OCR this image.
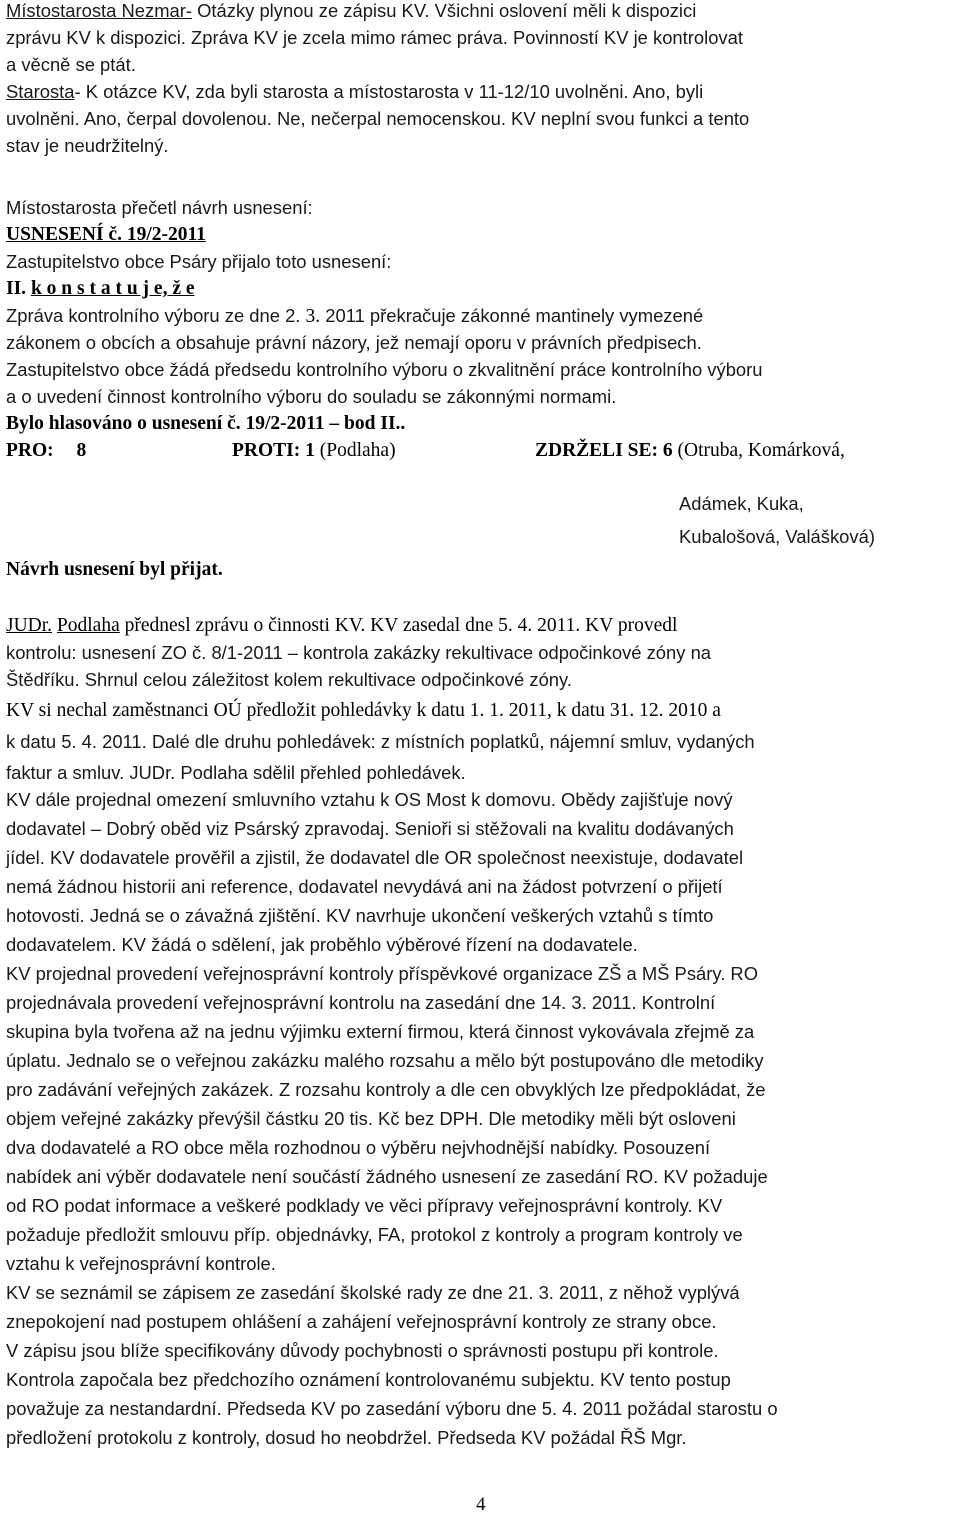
Místostarosta Nezmar- Otázky plynou ze zápisu KV. Všichni oslovení měli k dispozici
zprávu KV k dispozici. Zpráva KV je zcela mimo rámec práva. Povinností KV je kontrolovat
a věcně se ptát.
Starosta- K otázce KV, zda byli starosta a místostarosta v 11-12/10 uvolněni. Ano, byli
uvolněni. Ano, čerpal dovolenou. Ne, nečerpal nemocenskou. KV neplní svou funkci a tento
stav je neudržitelný.
Místostarosta přečetl návrh usnesení:
USNESENÍ č. 19/2-2011
Zastupitelstvo obce Psáry přijalo toto usnesení:
II. k o n s t a t u j e, ž e
Zpráva kontrolního výboru ze dne 2. 3. 2011 překračuje zákonné mantinely vymezené
zákonem o obcích a obsahuje právní názory, jež nemají oporu v právních předpisech.
Zastupitelstvo obce žádá předsedu kontrolního výboru o zkvalitnění práce kontrolního výboru
a o uvedení činnost kontrolního výboru do souladu se zákonnými normami.
Bylo hlasováno o usnesení č. 19/2-2011 – bod II..
PRO: 8	PROTI: 1 (Podlaha)	ZDRŽELI SE: 6 (Otruba, Komárková,
Adámek, Kuka,
Kubalošová, Valášková)
Návrh usnesení byl přijat.
JUDr. Podlaha přednesl zprávu o činnosti KV. KV zasedal dne 5. 4. 2011. KV provedl
kontrolu: usnesení ZO č. 8/1-2011 – kontrola zakázky rekultivace odpočinkové zóny na
Štědříku. Shrnul celou záležitost kolem rekultivace odpočinkové zóny.
KV si nechal zaměstnanci OÚ předložit pohledávky k datu 1. 1. 2011, k datu 31. 12. 2010 a
k datu 5. 4. 2011. Dalé dle druhu pohledávek: z místních poplatků, nájemní smluv, vydaných
faktur a smluv. JUDr. Podlaha sdělil přehled pohledávek.
KV dále projednal omezení smluvního vztahu k OS Most k domovu. Obědy zajišťuje nový
dodavatel – Dobrý oběd viz Psárský zpravodaj. Senioři si stěžovali na kvalitu dodávaných
jídel. KV dodavatele prověřil a zjistil, že dodavatel dle OR společnost neexistuje, dodavatel
nemá žádnou historii ani reference, dodavatel nevydává ani na žádost potvrzení o přijetí
hotovosti. Jedná se o závažná zjištění. KV navrhuje ukončení veškerých vztahů s tímto
dodavatelem. KV žádá o sdělení, jak proběhlo výběrové řízení na dodavatele.
KV projednal provedení veřejnosprávní kontroly příspěvkové organizace ZŠ a MŠ Psáry. RO
projednávala provedení veřejnosprávní kontrolu na zasedání dne 14. 3. 2011. Kontrolní
skupina byla tvořena až na jednu výjimku externí firmou, která činnost vykovávala zřejmě za
úplatu. Jednalo se o veřejnou zakázku malého rozsahu a mělo být postupováno dle metodiky
pro zadávání veřejných zakázek. Z rozsahu kontroly a dle cen obvyklých lze předpokládat, že
objem veřejné zakázky převýšil částku 20 tis. Kč bez DPH. Dle metodiky měli být osloveni
dva dodavatelé a RO obce měla rozhodnou o výběru nejvhodnější nabídky. Posouzení
nabídek ani výběr dodavatele není součástí žádného usnesení ze zasedání RO. KV požaduje
od RO podat informace a veškeré podklady ve věci přípravy veřejnosprávní kontroly. KV
požaduje předložit smlouvu příp. objednávky, FA, protokol z kontroly a program kontroly ve
vztahu k veřejnosprávní kontrole.
KV se seznámil se zápisem ze zasedání školské rady ze dne 21. 3. 2011, z něhož vyplývá
znepokojení nad postupem ohlášení a zahájení veřejnosprávní kontroly ze strany obce.
V zápisu jsou blíže specifikovány důvody pochybnosti o správnosti postupu při kontrole.
Kontrola započala bez předchozího oznámení kontrolovanému subjektu. KV tento postup
považuje za nestandardní. Předseda KV po zasedání výboru dne 5. 4. 2011 požádal starostu o
předložení protokolu z kontroly, dosud ho neobdržel. Předseda KV požádal ŘŠ Mgr.
4
